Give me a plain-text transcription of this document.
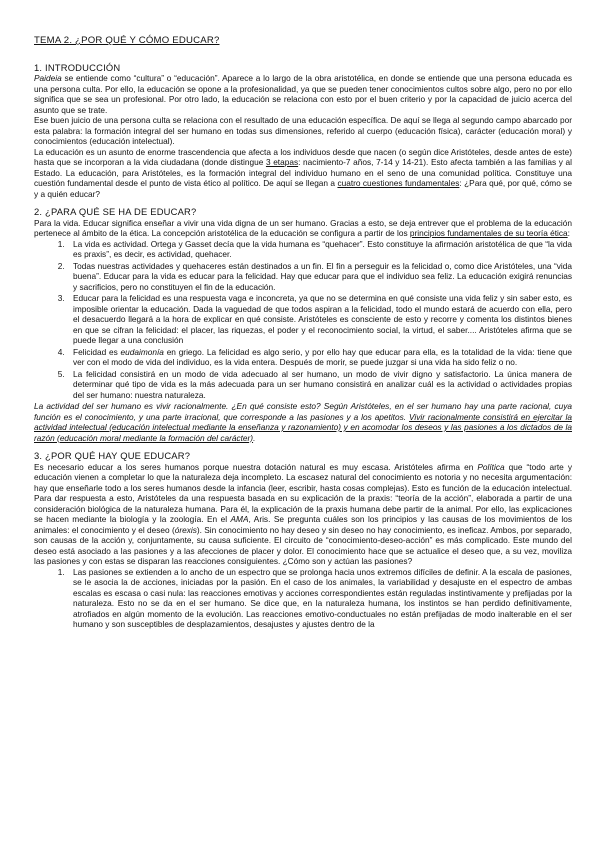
TEMA 2. ¿POR QUÉ Y CÓMO EDUCAR?
1. INTRODUCCIÓN

Paideia se entiende como “cultura” o “educación”. Aparece a lo largo de la obra aristotélica, en donde se entiende que una persona educada es una persona culta. Por ello, la educación se opone a la profesionalidad, ya que se pueden tener conocimientos cultos sobre algo, pero no por ello significa que se sea un profesional. Por otro lado, la educación se relaciona con esto por el buen criterio y por la capacidad de juicio acerca del asunto que se trate.

Ese buen juicio de una persona culta se relaciona con el resultado de una educación específica. De aquí se llega al segundo campo abarcado por esta palabra: la formación integral del ser humano en todas sus dimensiones, referido al cuerpo (educación física), carácter (educación moral) y conocimientos (educación intelectual).

La educación es un asunto de enorme trascendencia que afecta a los individuos desde que nacen (o según dice Aristóteles, desde antes de este) hasta que se incorporan a la vida ciudadana (donde distingue 3 etapas: nacimiento-7 años, 7-14 y 14-21). Esto afecta también a las familias y al Estado. La educación, para Aristóteles, es la formación integral del individuo humano en el seno de una comunidad política. Constituye una cuestión fundamental desde el punto de vista ético al político. De aquí se llegan a cuatro cuestiones fundamentales: ¿Para qué, por qué, cómo se y a quién educar?

2. ¿PARA QUÉ SE HA DE EDUCAR?

Para la vida. Educar significa enseñar a vivir una vida digna de un ser humano. Gracias a esto, se deja entrever que el problema de la educación pertenece al ámbito de la ética. La concepción aristotélica de la educación se configura a partir de los principios fundamentales de su teoría ética:

1. La vida es actividad. Ortega y Gasset decía que la vida humana es “quehacer”. Esto constituye la afirmación aristotélica de que “la vida es praxis”, es decir, es actividad, quehacer.
2. Todas nuestras actividades y quehaceres están destinados a un fin. El fin a perseguir es la felicidad o, como dice Aristóteles, una “vida buena”. Educar para la vida es educar para la felicidad. Hay que educar para que el individuo sea feliz. La educación exigirá renuncias y sacrificios, pero no constituyen el fin de la educación.
3. Educar para la felicidad es una respuesta vaga e inconcreta, ya que no se determina en qué consiste una vida feliz y sin saber esto, es imposible orientar la educación. Dada la vaguedad de que todos aspiran a la felicidad, todo el mundo estará de acuerdo con ella, pero el desacuerdo llegará a la hora de explicar en qué consiste. Aristóteles es consciente de esto y recorre y comenta los distintos bienes en que se cifran la felicidad: el placer, las riquezas, el poder y el reconocimiento social, la virtud, el saber.... Aristóteles afirma que se puede llegar a una conclusión
4. Felicidad es eudaimonía en griego. La felicidad es algo serio, y por ello hay que educar para ella, es la totalidad de la vida: tiene que ver con el modo de vida del individuo, es la vida entera. Después de morir, se puede juzgar si una vida ha sido feliz o no.
5. La felicidad consistirá en un modo de vida adecuado al ser humano, un modo de vivir digno y satisfactorio. La única manera de determinar qué tipo de vida es la más adecuada para un ser humano consistirá en analizar cuál es la actividad o actividades propias del ser humano: nuestra naturaleza.

La actividad del ser humano es vivir racionalmente. ¿En qué consiste esto? Según Aristóteles, en el ser humano hay una parte racional, cuya función es el conocimiento, y una parte irracional, que corresponde a las pasiones y a los apetitos. Vivir racionalmente consistirá en ejercitar la actividad intelectual (educación intelectual mediante la enseñanza y razonamiento) y en acomodar los deseos y las pasiones a los dictados de la razón (educación moral mediante la formación del carácter).

3. ¿POR QUÉ HAY QUE EDUCAR?

Es necesario educar a los seres humanos porque nuestra dotación natural es muy escasa. Aristóteles afirma en Política que “todo arte y educación vienen a completar lo que la naturaleza deja incompleto. La escasez natural del conocimiento es notoria y no necesita argumentación: hay que enseñarle todo a los seres humanos desde la infancia (leer, escribir, hasta cosas complejas). Esto es función de la educación intelectual. Para dar respuesta a esto, Aristóteles da una respuesta basada en su explicación de la praxis: “teoría de la acción”, elaborada a partir de una consideración biológica de la naturaleza humana. Para él, la explicación de la praxis humana debe partir de la animal. Por ello, las explicaciones se hacen mediante la biología y la zoología. En el AMA, Aris. Se pregunta cuáles son los principios y las causas de los movimientos de los animales: el conocimiento y el deseo (órexis). Sin conocimiento no hay deseo y sin deseo no hay conocimiento, es ineficaz. Ambos, por separado, son causas de la acción y, conjuntamente, su causa suficiente. El circuito de “conocimiento-deseo-acción” es más complicado. Este mundo del deseo está asociado a las pasiones y a las afecciones de placer y dolor. El conocimiento hace que se actualice el deseo que, a su vez, moviliza las pasiones y con estas se disparan las reacciones consiguientes. ¿Cómo son y actúan las pasiones?

1. Las pasiones se extienden a lo ancho de un espectro que se prolonga hacia unos extremos difíciles de definir. A la escala de pasiones, se le asocia la de acciones, iniciadas por la pasión. En el caso de los animales, la variabilidad y desajuste en el espectro de ambas escalas es escasa o casi nula: las reacciones emotivas y acciones correspondientes están reguladas instintivamente y prefijadas por la naturaleza. Esto no se da en el ser humano. Se dice que, en la naturaleza humana, los instintos se han perdido definitivamente, atrofiados en algún momento de la evolución. Las reacciones emotivo-conductuales no están prefijadas de modo inalterable en el ser humano y son susceptibles de desplazamientos, desajustes y ajustes dentro de la
